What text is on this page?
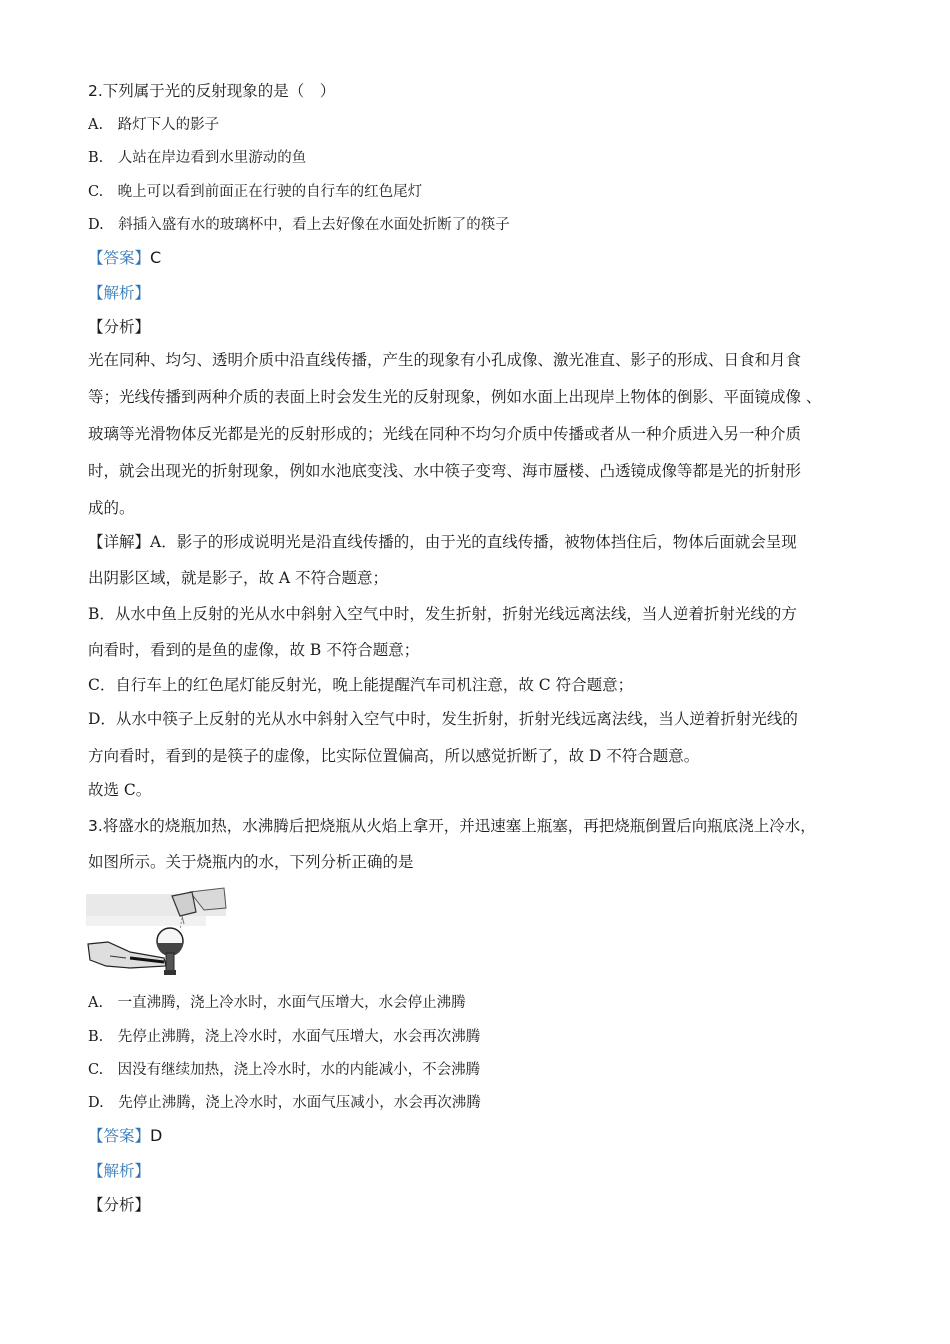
2.下列属于光的反射现象的是（　）
A.　路灯下人的影子
B.　人站在岸边看到水里游动的鱼
C.　晚上可以看到前面正在行驶的自行车的红色尾灯
D.　斜插入盛有水的玻璃杯中，看上去好像在水面处折断了的筷子
【答案】C
【解析】
【分析】
光在同种、均匀、透明介质中沿直线传播，产生的现象有小孔成像、激光准直、影子的形成、日食和月食
等；光线传播到两种介质的表面上时会发生光的反射现象，例如水面上出现岸上物体的倒影、平面镜成像 、
玻璃等光滑物体反光都是光的反射形成的；光线在同种不均匀介质中传播或者从一种介质进入另一种介质
时，就会出现光的折射现象，例如水池底变浅、水中筷子变弯、海市蜃楼、凸透镜成像等都是光的折射形
成的。
【详解】A．影子的形成说明光是沿直线传播的，由于光的直线传播，被物体挡住后，物体后面就会呈现
出阴影区域，就是影子，故 A 不符合题意；
B．从水中鱼上反射的光从水中斜射入空气中时，发生折射，折射光线远离法线，当人逆着折射光线的方
向看时，看到的是鱼的虚像，故 B 不符合题意；
C．自行车上的红色尾灯能反射光，晚上能提醒汽车司机注意，故 C 符合题意；
D．从水中筷子上反射的光从水中斜射入空气中时，发生折射，折射光线远离法线，当人逆着折射光线的
方向看时，看到的是筷子的虚像，比实际位置偏高，所以感觉折断了，故 D 不符合题意。
故选 C。
3.将盛水的烧瓶加热，水沸腾后把烧瓶从火焰上拿开，并迅速塞上瓶塞，再把烧瓶倒置后向瓶底浇上冷水，
如图所示。关于烧瓶内的水，下列分析正确的是
A.　一直沸腾，浇上冷水时，水面气压增大，水会停止沸腾
B.　先停止沸腾，浇上冷水时，水面气压增大，水会再次沸腾
C.　因没有继续加热，浇上冷水时，水的内能减小，不会沸腾
D.　先停止沸腾，浇上冷水时，水面气压减小，水会再次沸腾
【答案】D
【解析】
【分析】
